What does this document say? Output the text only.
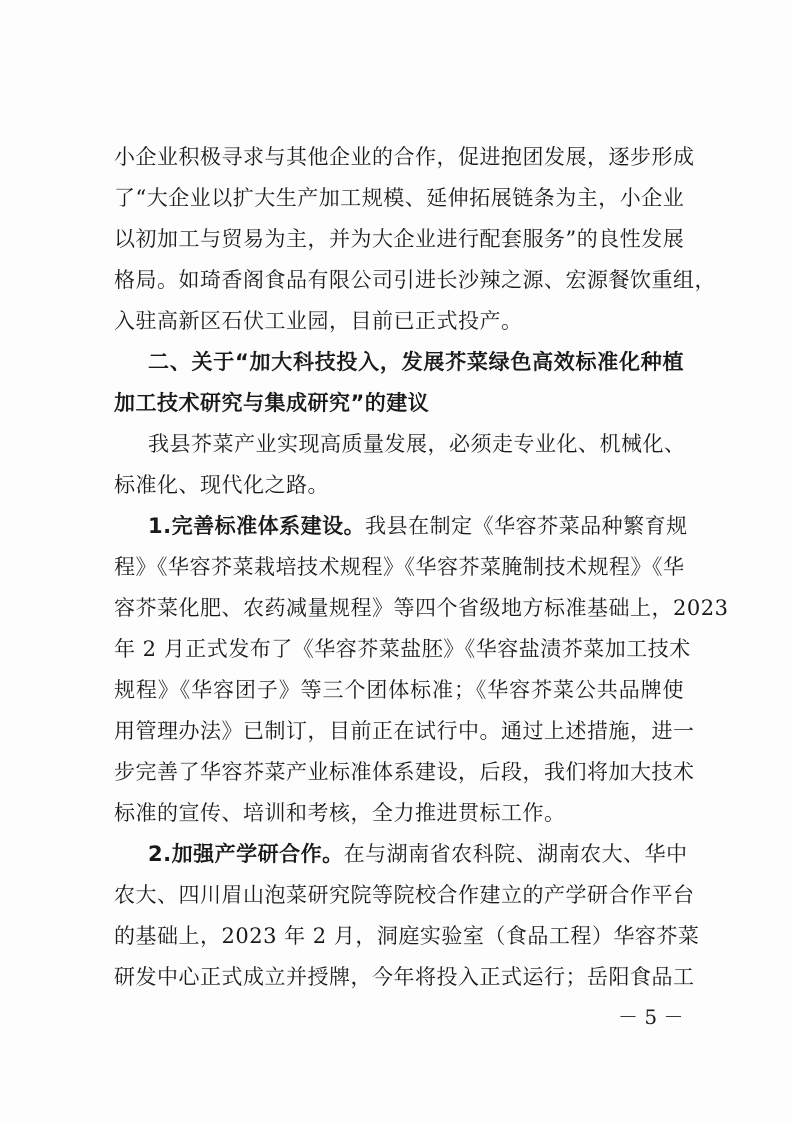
小企业积极寻求与其他企业的合作，促进抱团发展，逐步形成
了“大企业以扩大生产加工规模、延伸拓展链条为主，小企业
以初加工与贸易为主，并为大企业进行配套服务”的良性发展
格局。如琦香阁食品有限公司引进长沙辣之源、宏源餐饮重组，
入驻高新区石伏工业园，目前已正式投产。
二、关于“加大科技投入，发展芥菜绿色高效标准化种植
加工技术研究与集成研究”的建议
我县芥菜产业实现高质量发展，必须走专业化、机械化、
标准化、现代化之路。
1.完善标准体系建设。我县在制定《华容芥菜品种繁育规
程》《华容芥菜栽培技术规程》《华容芥菜腌制技术规程》《华
容芥菜化肥、农药减量规程》等四个省级地方标准基础上，2023
年 2 月正式发布了《华容芥菜盐胚》《华容盐渍芥菜加工技术
规程》《华容团子》等三个团体标准；《华容芥菜公共品牌使
用管理办法》已制订，目前正在试行中。通过上述措施，进一
步完善了华容芥菜产业标准体系建设，后段，我们将加大技术
标准的宣传、培训和考核，全力推进贯标工作。
2.加强产学研合作。在与湖南省农科院、湖南农大、华中
农大、四川眉山泡菜研究院等院校合作建立的产学研合作平台
的基础上，2023 年 2 月，洞庭实验室（食品工程）华容芥菜
研发中心正式成立并授牌，今年将投入正式运行；岳阳食品工
－ 5 －
